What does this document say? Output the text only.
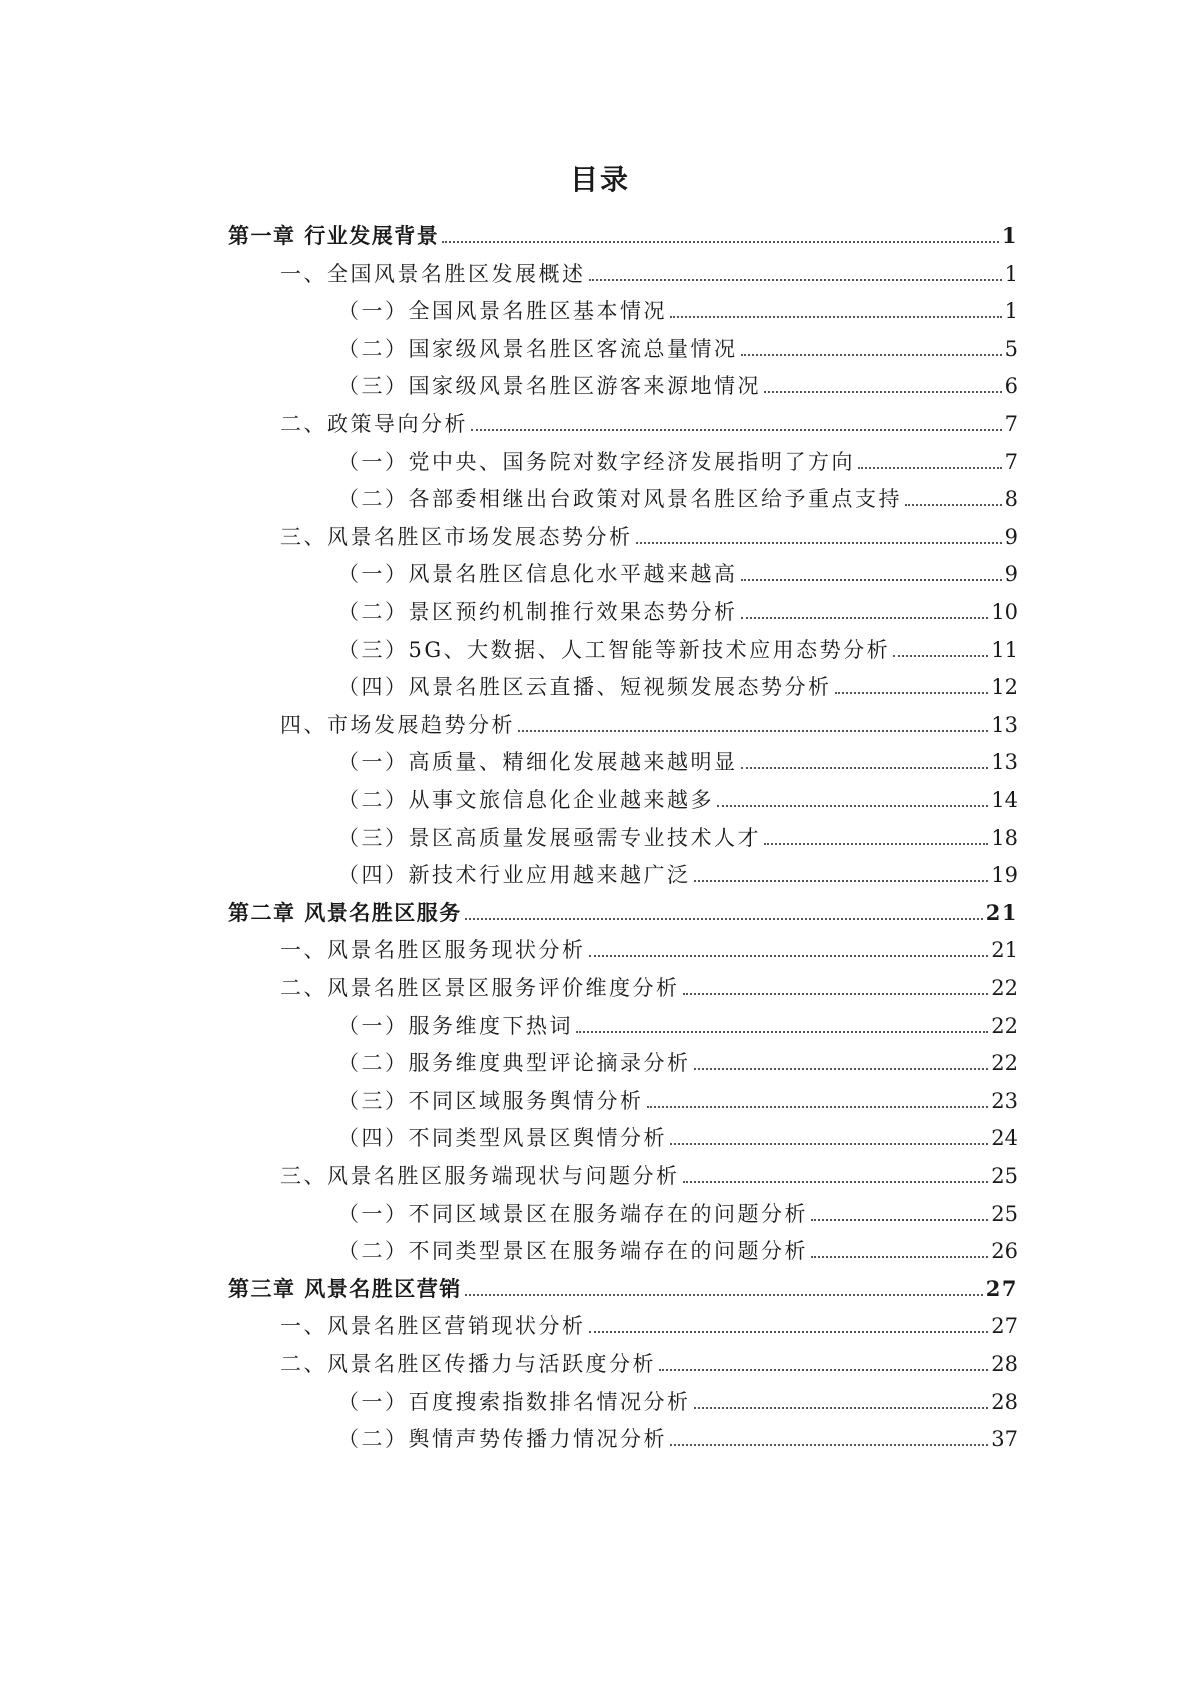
目录
第一章 行业发展背景	1
一、全国风景名胜区发展概述	1
（一）全国风景名胜区基本情况	1
（二）国家级风景名胜区客流总量情况	5
（三）国家级风景名胜区游客来源地情况	6
二、政策导向分析	7
（一）党中央、国务院对数字经济发展指明了方向	7
（二）各部委相继出台政策对风景名胜区给予重点支持	8
三、风景名胜区市场发展态势分析	9
（一）风景名胜区信息化水平越来越高	9
（二）景区预约机制推行效果态势分析	10
（三）5G、大数据、人工智能等新技术应用态势分析	11
（四）风景名胜区云直播、短视频发展态势分析	12
四、市场发展趋势分析	13
（一）高质量、精细化发展越来越明显	13
（二）从事文旅信息化企业越来越多	14
（三）景区高质量发展亟需专业技术人才	18
（四）新技术行业应用越来越广泛	19
第二章 风景名胜区服务	21
一、风景名胜区服务现状分析	21
二、风景名胜区景区服务评价维度分析	22
（一）服务维度下热词	22
（二）服务维度典型评论摘录分析	22
（三）不同区域服务舆情分析	23
（四）不同类型风景区舆情分析	24
三、风景名胜区服务端现状与问题分析	25
（一）不同区域景区在服务端存在的问题分析	25
（二）不同类型景区在服务端存在的问题分析	26
第三章 风景名胜区营销	27
一、风景名胜区营销现状分析	27
二、风景名胜区传播力与活跃度分析	28
（一）百度搜索指数排名情况分析	28
（二）舆情声势传播力情况分析	37
